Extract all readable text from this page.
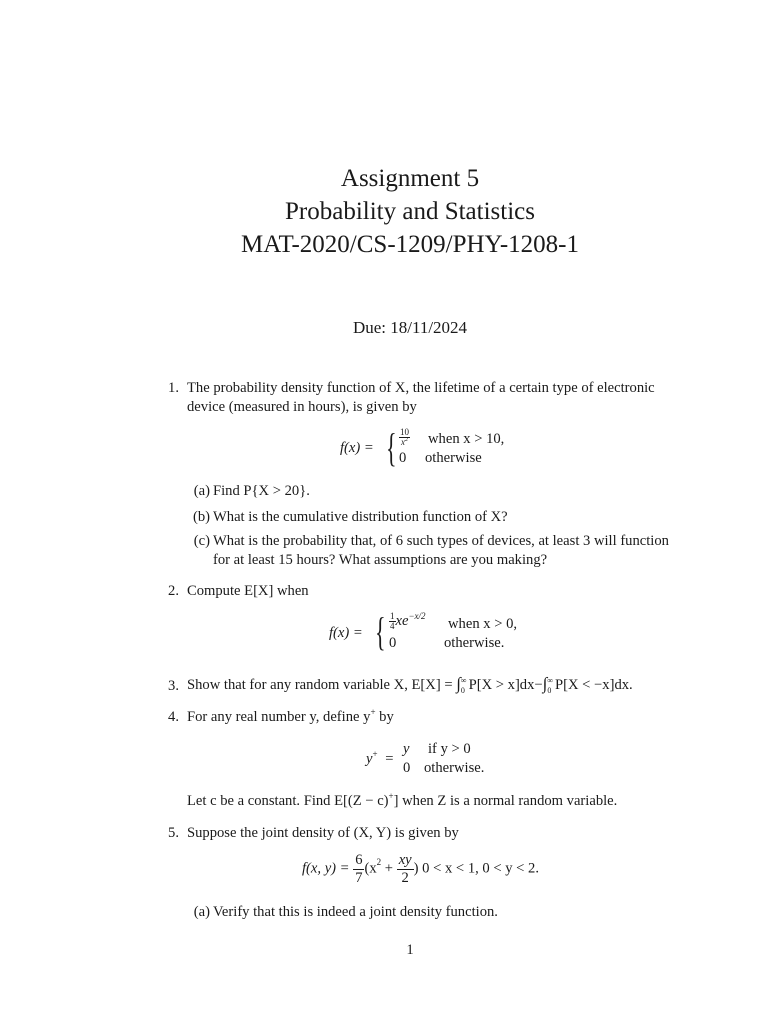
Assignment 5
Probability and Statistics
MAT-2020/CS-1209/PHY-1208-1
Due: 18/11/2024
1. The probability density function of X, the lifetime of a certain type of electronic
device (measured in hours), is given by
f(x) = { $\frac{10}{x^2}$ when x > 10,
0 otherwise
(a) Find P{X > 20}.
(b) What is the cumulative distribution function of X?
(c) What is the probability that, of 6 such types of devices, at least 3 will function
for at least 15 hours? What assumptions are you making?
2. Compute E[X] when
f(x) = { $\frac{1}{4} xe^{-x/2}$ when x > 0,
0	otherwise.
3. Show that for any random variable X, E[X] = ∫ ∞
0 P[X > x]dx−∫ ∞
0 P[X < −x]dx.
4. For any real number y, define y+ by
y+ =
y if y > 0
0 otherwise.
Let c be a constant. Find E[(Z − c)+] when Z is a normal random variable.
5. Suppose the joint density of (X, Y) is given by
f(x, $y) = \frac{6}{7} (x^2 + \frac{xy}{2}$ ) 0 < x < 1, 0 < y < 2.
(a) Verify that this is indeed a joint density function.
1
